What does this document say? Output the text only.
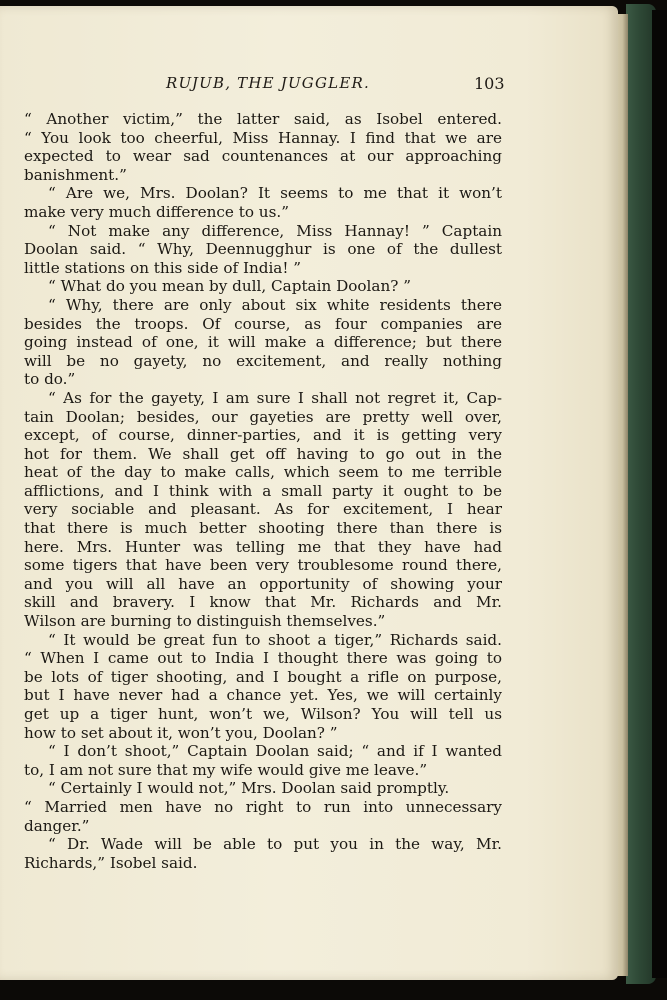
RUJUB, THE JUGGLER.	103
“ Another victim,” the latter said, as Isobel entered.
“ You look too cheerful, Miss Hannay. I find that we are
expected to wear sad countenances at our approaching
banishment.”
“ Are we, Mrs. Doolan? It seems to me that it won’t
make very much difference to us.”
“ Not make any difference, Miss Hannay! ” Captain
Doolan said. “ Why, Deennugghur is one of the dullest
little stations on this side of India! ”
“ What do you mean by dull, Captain Doolan? ”
“ Why, there are only about six white residents there
besides the troops. Of course, as four companies are
going instead of one, it will make a difference; but there
will be no gayety, no excitement, and really nothing
to do.”
“ As for the gayety, I am sure I shall not regret it, Cap-
tain Doolan; besides, our gayeties are pretty well over,
except, of course, dinner-parties, and it is getting very
hot for them. We shall get off having to go out in the
heat of the day to make calls, which seem to me terrible
afflictions, and I think with a small party it ought to be
very sociable and pleasant. As for excitement, I hear
that there is much better shooting there than there is
here. Mrs. Hunter was telling me that they have had
some tigers that have been very troublesome round there,
and you will all have an opportunity of showing your
skill and bravery. I know that Mr. Richards and Mr.
Wilson are burning to distinguish themselves.”
“ It would be great fun to shoot a tiger,” Richards said.
“ When I came out to India I thought there was going to
be lots of tiger shooting, and I bought a rifle on purpose,
but I have never had a chance yet. Yes, we will certainly
get up a tiger hunt, won’t we, Wilson? You will tell us
how to set about it, won’t you, Doolan? ”
“ I don’t shoot,” Captain Doolan said; “ and if I wanted
to, I am not sure that my wife would give me leave.”
“ Certainly I would not,” Mrs. Doolan said promptly.
“ Married men have no right to run into unnecessary
danger.”
“ Dr. Wade will be able to put you in the way, Mr.
Richards,” Isobel said.
